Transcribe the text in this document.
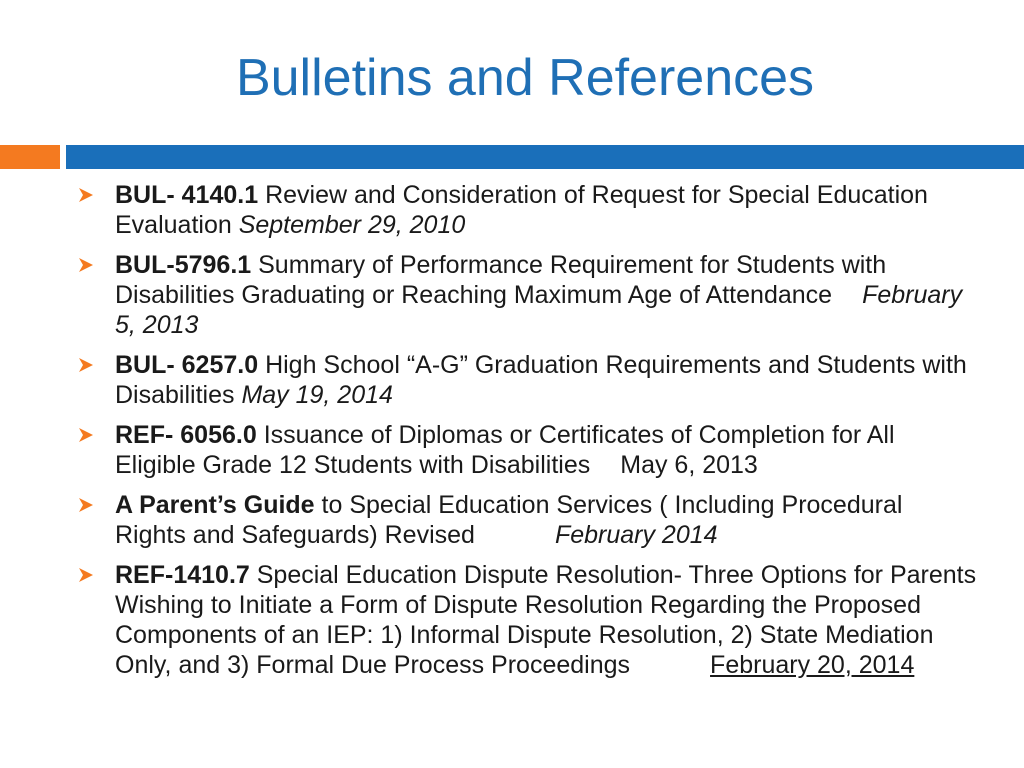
Bulletins and References
BUL- 4140.1 Review and Consideration of Request for Special Education Evaluation September 29, 2010
BUL-5796.1 Summary of Performance Requirement for Students with Disabilities Graduating or Reaching Maximum Age of Attendance February 5, 2013
BUL- 6257.0 High School “A-G” Graduation Requirements and Students with Disabilities May 19, 2014
REF- 6056.0 Issuance of Diplomas or Certificates of Completion for All Eligible Grade 12 Students with Disabilities May 6, 2013
A Parent’s Guide to Special Education Services ( Including Procedural Rights and Safeguards) Revised	February 2014
REF-1410.7 Special Education Dispute Resolution- Three Options for Parents Wishing to Initiate a Form of Dispute Resolution Regarding the Proposed Components of an IEP: 1) Informal Dispute Resolution, 2) State Mediation Only, and 3) Formal Due Process Proceedings	February 20, 2014
